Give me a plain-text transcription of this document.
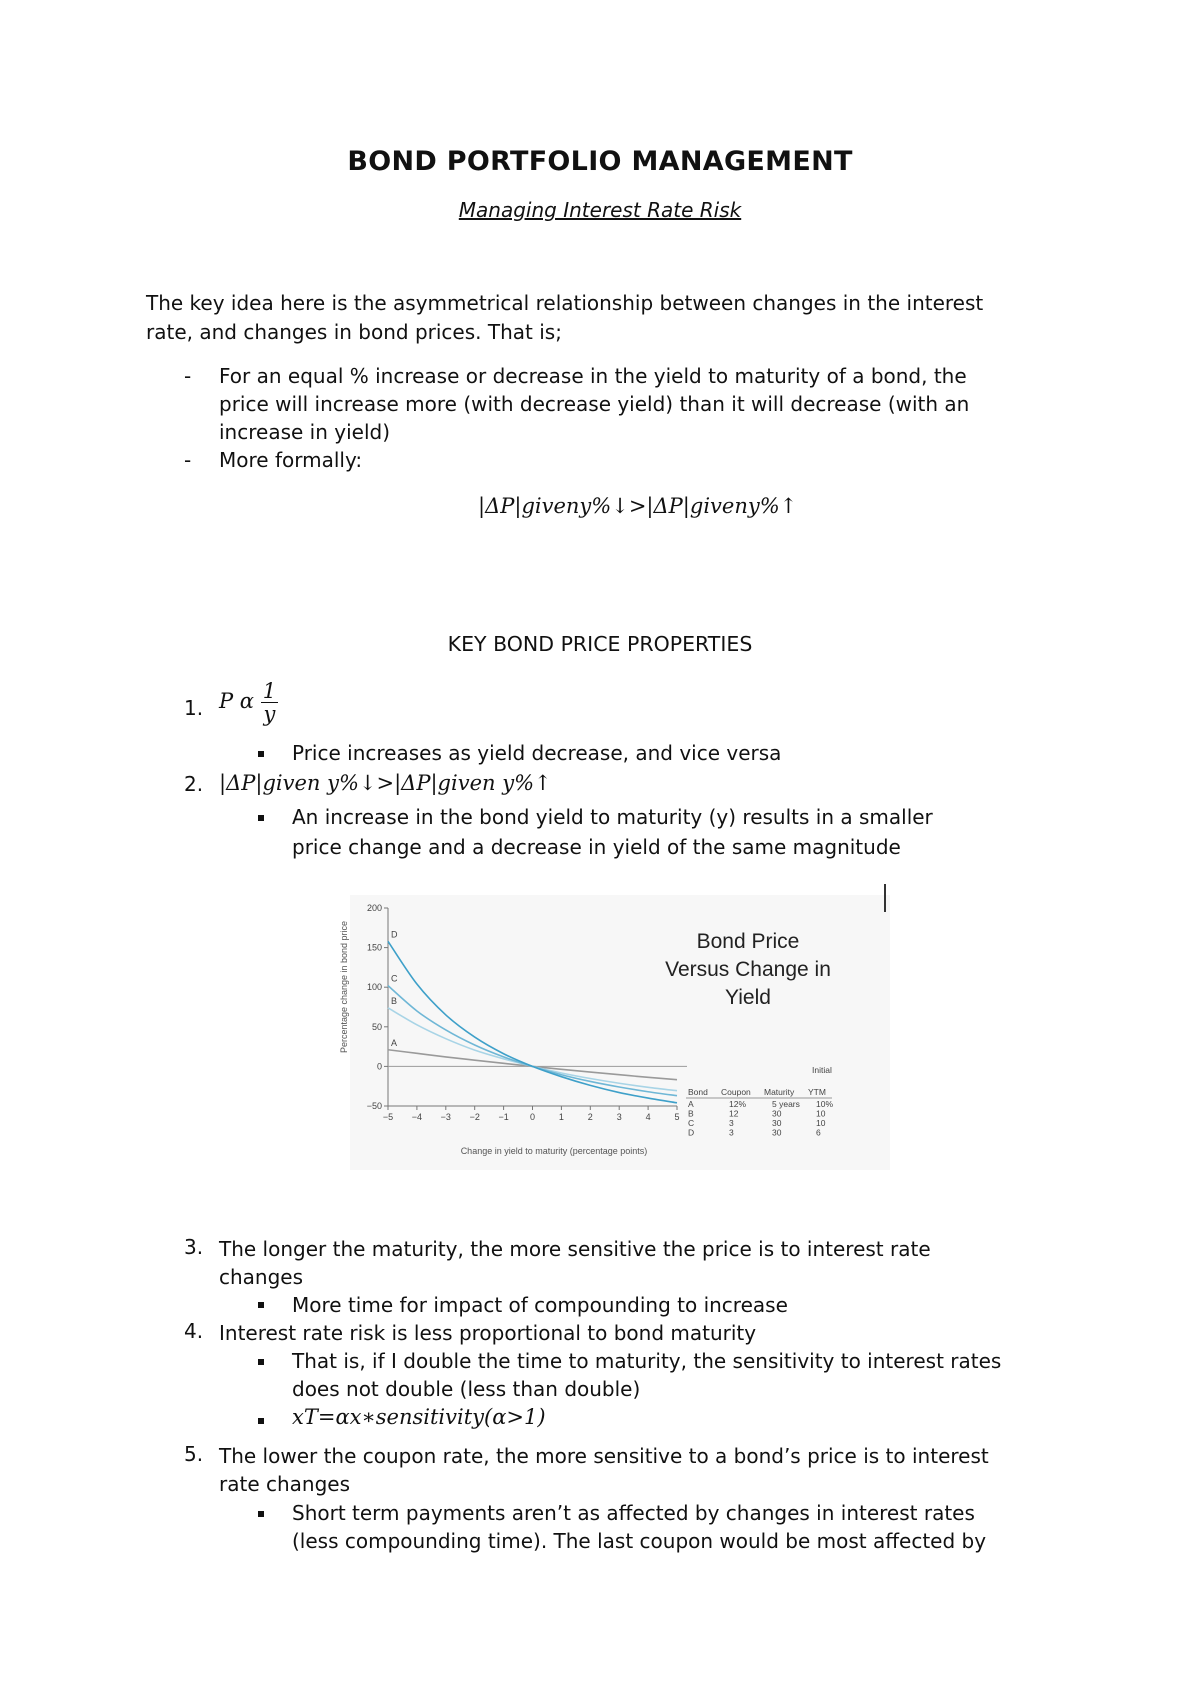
BOND PORTFOLIO MANAGEMENT
Managing Interest Rate Risk
The key idea here is the asymmetrical relationship between changes in the interest
rate, and changes in bond prices. That is;
- For an equal % increase or decrease in the yield to maturity of a bond, the
price will increase more (with decrease yield) than it will decrease (with an
increase in yield)
- More formally:
|ΔP|giveny%↓>|ΔP|giveny%↑
KEY BOND PRICE PROPERTIES
1. P α $\frac{1}{y}$
Price increases as yield decrease, and vice versa
2. |ΔP|given y%↓>|ΔP|given y%↑
An increase in the bond yield to maturity (y) results in a smaller
price change and a decrease in yield of the same magnitude
−50
0
50
100
150
200
−5 −4 −3 −2 −1 0	1	2	3	4	5
A
B
C
D	Bond Price
Versus Change in
Yield
Percentage change in bond price
Change in yield to maturity (percentage points)
Initial
Bond Coupon Maturity YTM
A	12%	5 years 10%
B	12	30	10
C	3	30	10
D	3	30	6
3. The longer the maturity, the more sensitive the price is to interest rate
changes
More time for impact of compounding to increase
4. Interest rate risk is less proportional to bond maturity
That is, if I double the time to maturity, the sensitivity to interest rates
does not double (less than double)
xT=αx∗sensitivity(α>1)
5. The lower the coupon rate, the more sensitive to a bond’s price is to interest
rate changes
Short term payments aren’t as affected by changes in interest rates
(less compounding time). The last coupon would be most affected by
